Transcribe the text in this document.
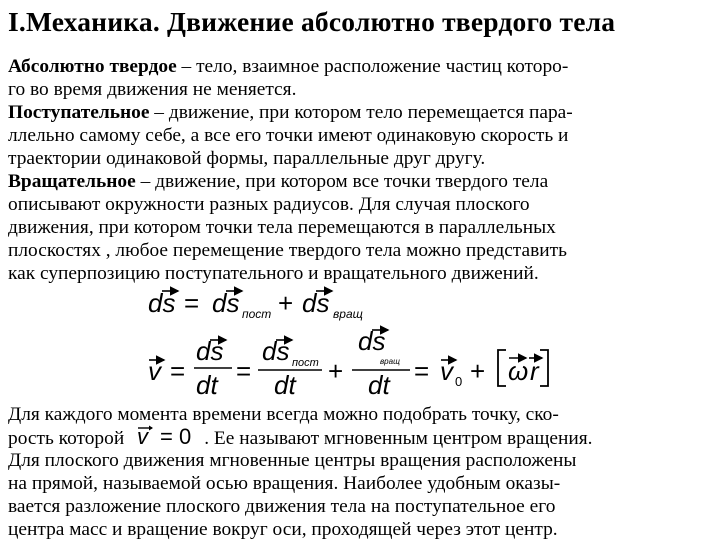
I.Механика. Движение абсолютно твердого тела
Абсолютно твердое – тело, взаимное расположение частиц которо-
го во время движения не меняется.
Поступательное – движение, при котором тело перемещается пара-
ллельно самому себе, а все его точки имеют одинаковую скорость и
траектории одинаковой формы, параллельные друг другу.
Вращательное – движение, при котором все точки твердого тела
описывают окружности разных радиусов. Для случая плоского
движения, при котором точки тела перемещаются в параллельных
плоскостях , любое перемещение твердого тела можно представить
как суперпозицию поступательного и вращательного движений.
ds = ds пост + ds вращ
v =
ds
dt =
ds пост
dt +
ds
вращ
dt = v 0 + ω r
Для каждого момента времени всегда можно подобрать точку, ско-
рость которой v = 0 . Ее называют мгновенным центром вращения.
Для плоского движения мгновенные центры вращения расположены
на прямой, называемой осью вращения. Наиболее удобным оказы-
вается разложение плоского движения тела на поступательное его
центра масс и вращение вокруг оси, проходящей через этот центр.
